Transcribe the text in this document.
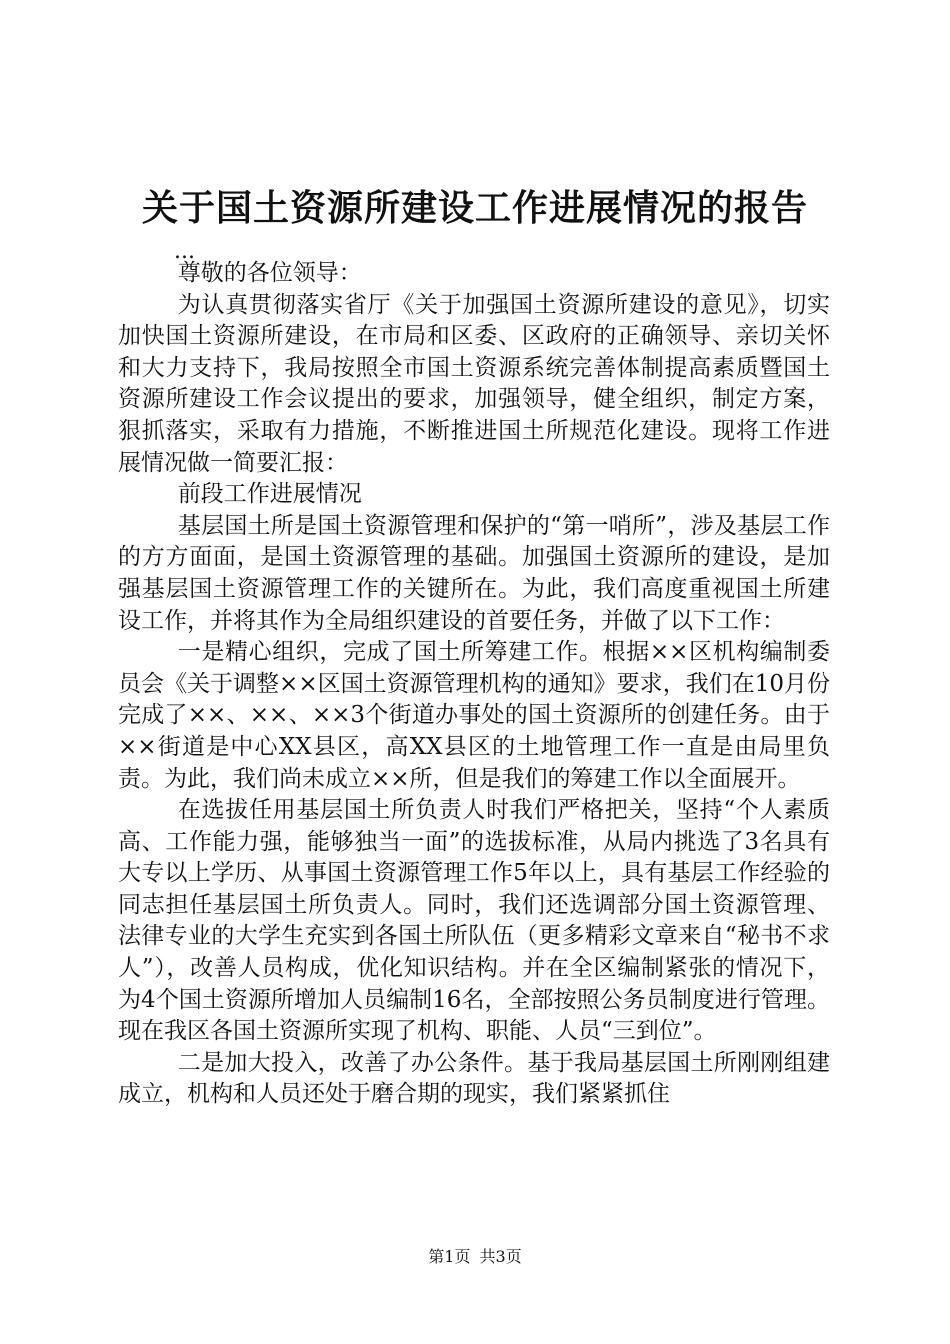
关于国土资源所建设工作进展情况的报告
...

尊敬的各位领导：

为认真贯彻落实省厅《关于加强国土资源所建设的意见》，切实加快国土资源所建设，在市局和区委、区政府的正确领导、亲切关怀和大力支持下，我局按照全市国土资源系统完善体制提高素质暨国土资源所建设工作会议提出的要求，加强领导，健全组织，制定方案，狠抓落实，采取有力措施，不断推进国土所规范化建设。现将工作进展情况做一简要汇报：

前段工作进展情况

基层国土所是国土资源管理和保护的“第一哨所”，涉及基层工作的方方面面，是国土资源管理的基础。加强国土资源所的建设，是加强基层国土资源管理工作的关键所在。为此，我们高度重视国土所建设工作，并将其作为全局组织建设的首要任务，并做了以下工作：

一是精心组织，完成了国土所筹建工作。根据××区机构编制委员会《关于调整××区国土资源管理机构的通知》要求，我们在10月份完成了××、××、××3个街道办事处的国土资源所的创建任务。由于××街道是中心XX县区，高XX县区的土地管理工作一直是由局里负责。为此，我们尚未成立××所，但是我们的筹建工作以全面展开。

在选拔任用基层国土所负责人时我们严格把关，坚持“个人素质高、工作能力强，能够独当一面”的选拔标准，从局内挑选了3名具有大专以上学历、从事国土资源管理工作5年以上，具有基层工作经验的同志担任基层国土所负责人。同时，我们还选调部分国土资源管理、法律专业的大学生充实到各国土所队伍（更多精彩文章来自“秘书不求人”），改善人员构成，优化知识结构。并在全区编制紧张的情况下，为4个国土资源所增加人员编制16名，全部按照公务员制度进行管理。现在我区各国土资源所实现了机构、职能、人员“三到位”。

二是加大投入，改善了办公条件。基于我局基层国土所刚刚组建成立，机构和人员还处于磨合期的现实，我们紧紧抓住

第1页 共3页
